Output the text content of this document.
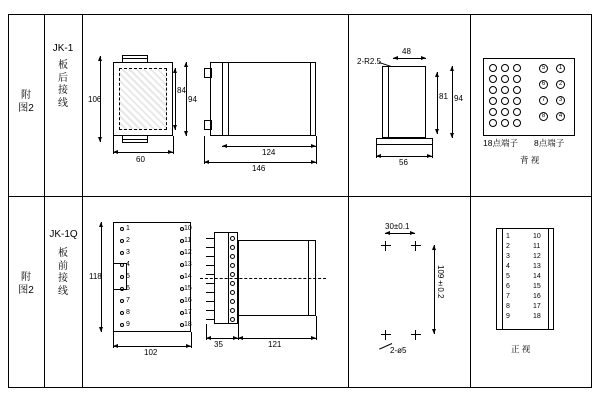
附图2
附图2
JK-1
板后接线
JK-1Q
板前接线
106	94
84
60
124
146
2-R2.5
48
81 94
56
5	1
6	2
7	3
8	4
18点端子 8点端子
背 视
1
2
3
4
5
6
7
8
9
10
11
12
13
14
15
16
17
18
118
102
35	121
30±0.1
109±0.2
2-ø5
1
2
3
4
5
6
7
8
9
10
11
12
13
14
15
16
17
18
正 视
